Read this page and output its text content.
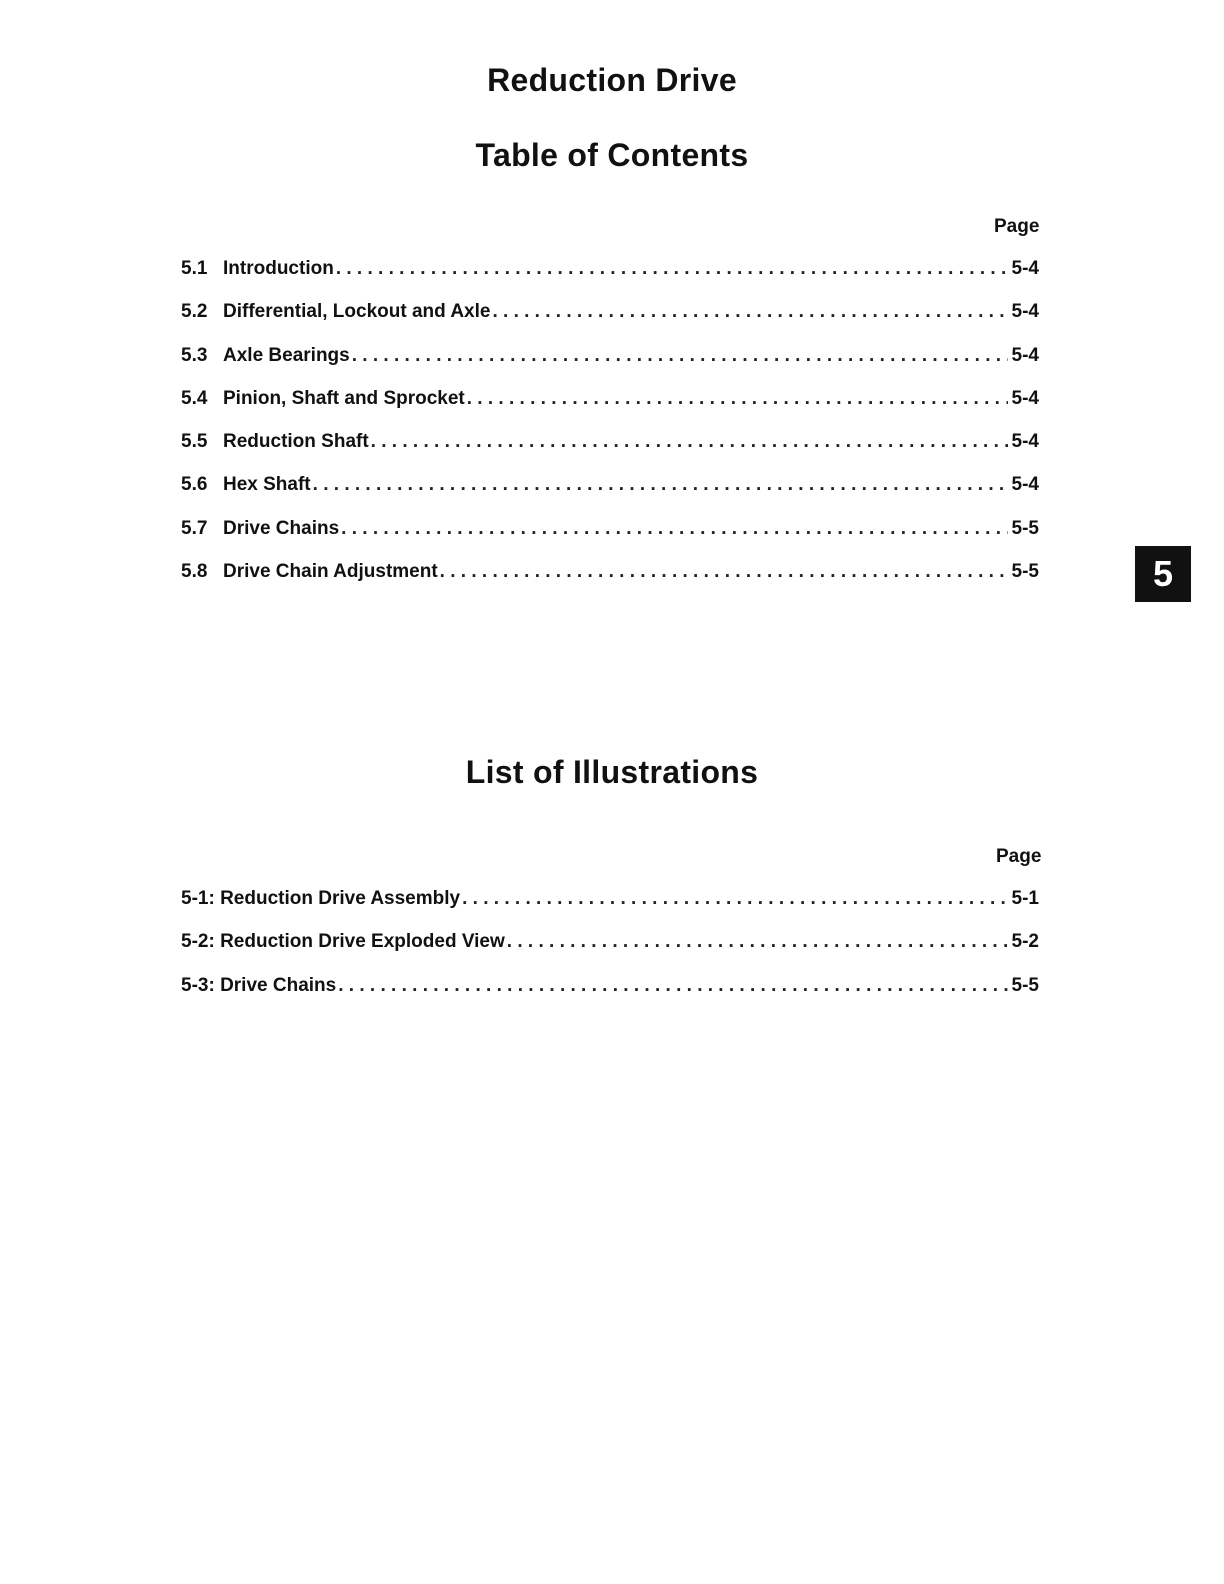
Reduction Drive
Table of Contents
Page
5.1 Introduction . . .	5-4
5.2 Differential, Lockout and Axle . . .	5-4
5.3 Axle Bearings . . .	5-4
5.4 Pinion, Shaft and Sprocket . . .	5-4
5.5 Reduction Shaft . . .	5-4
5.6 Hex Shaft . . .	5-4
5.7 Drive Chains . . .	5-5
5.8 Drive Chain Adjustment . . .	5-5	5
List of Illustrations
Page
5-1: Reduction Drive Assembly . . .	5-1
5-2: Reduction Drive Exploded View . . .	5-2
5-3: Drive Chains . . .	5-5
